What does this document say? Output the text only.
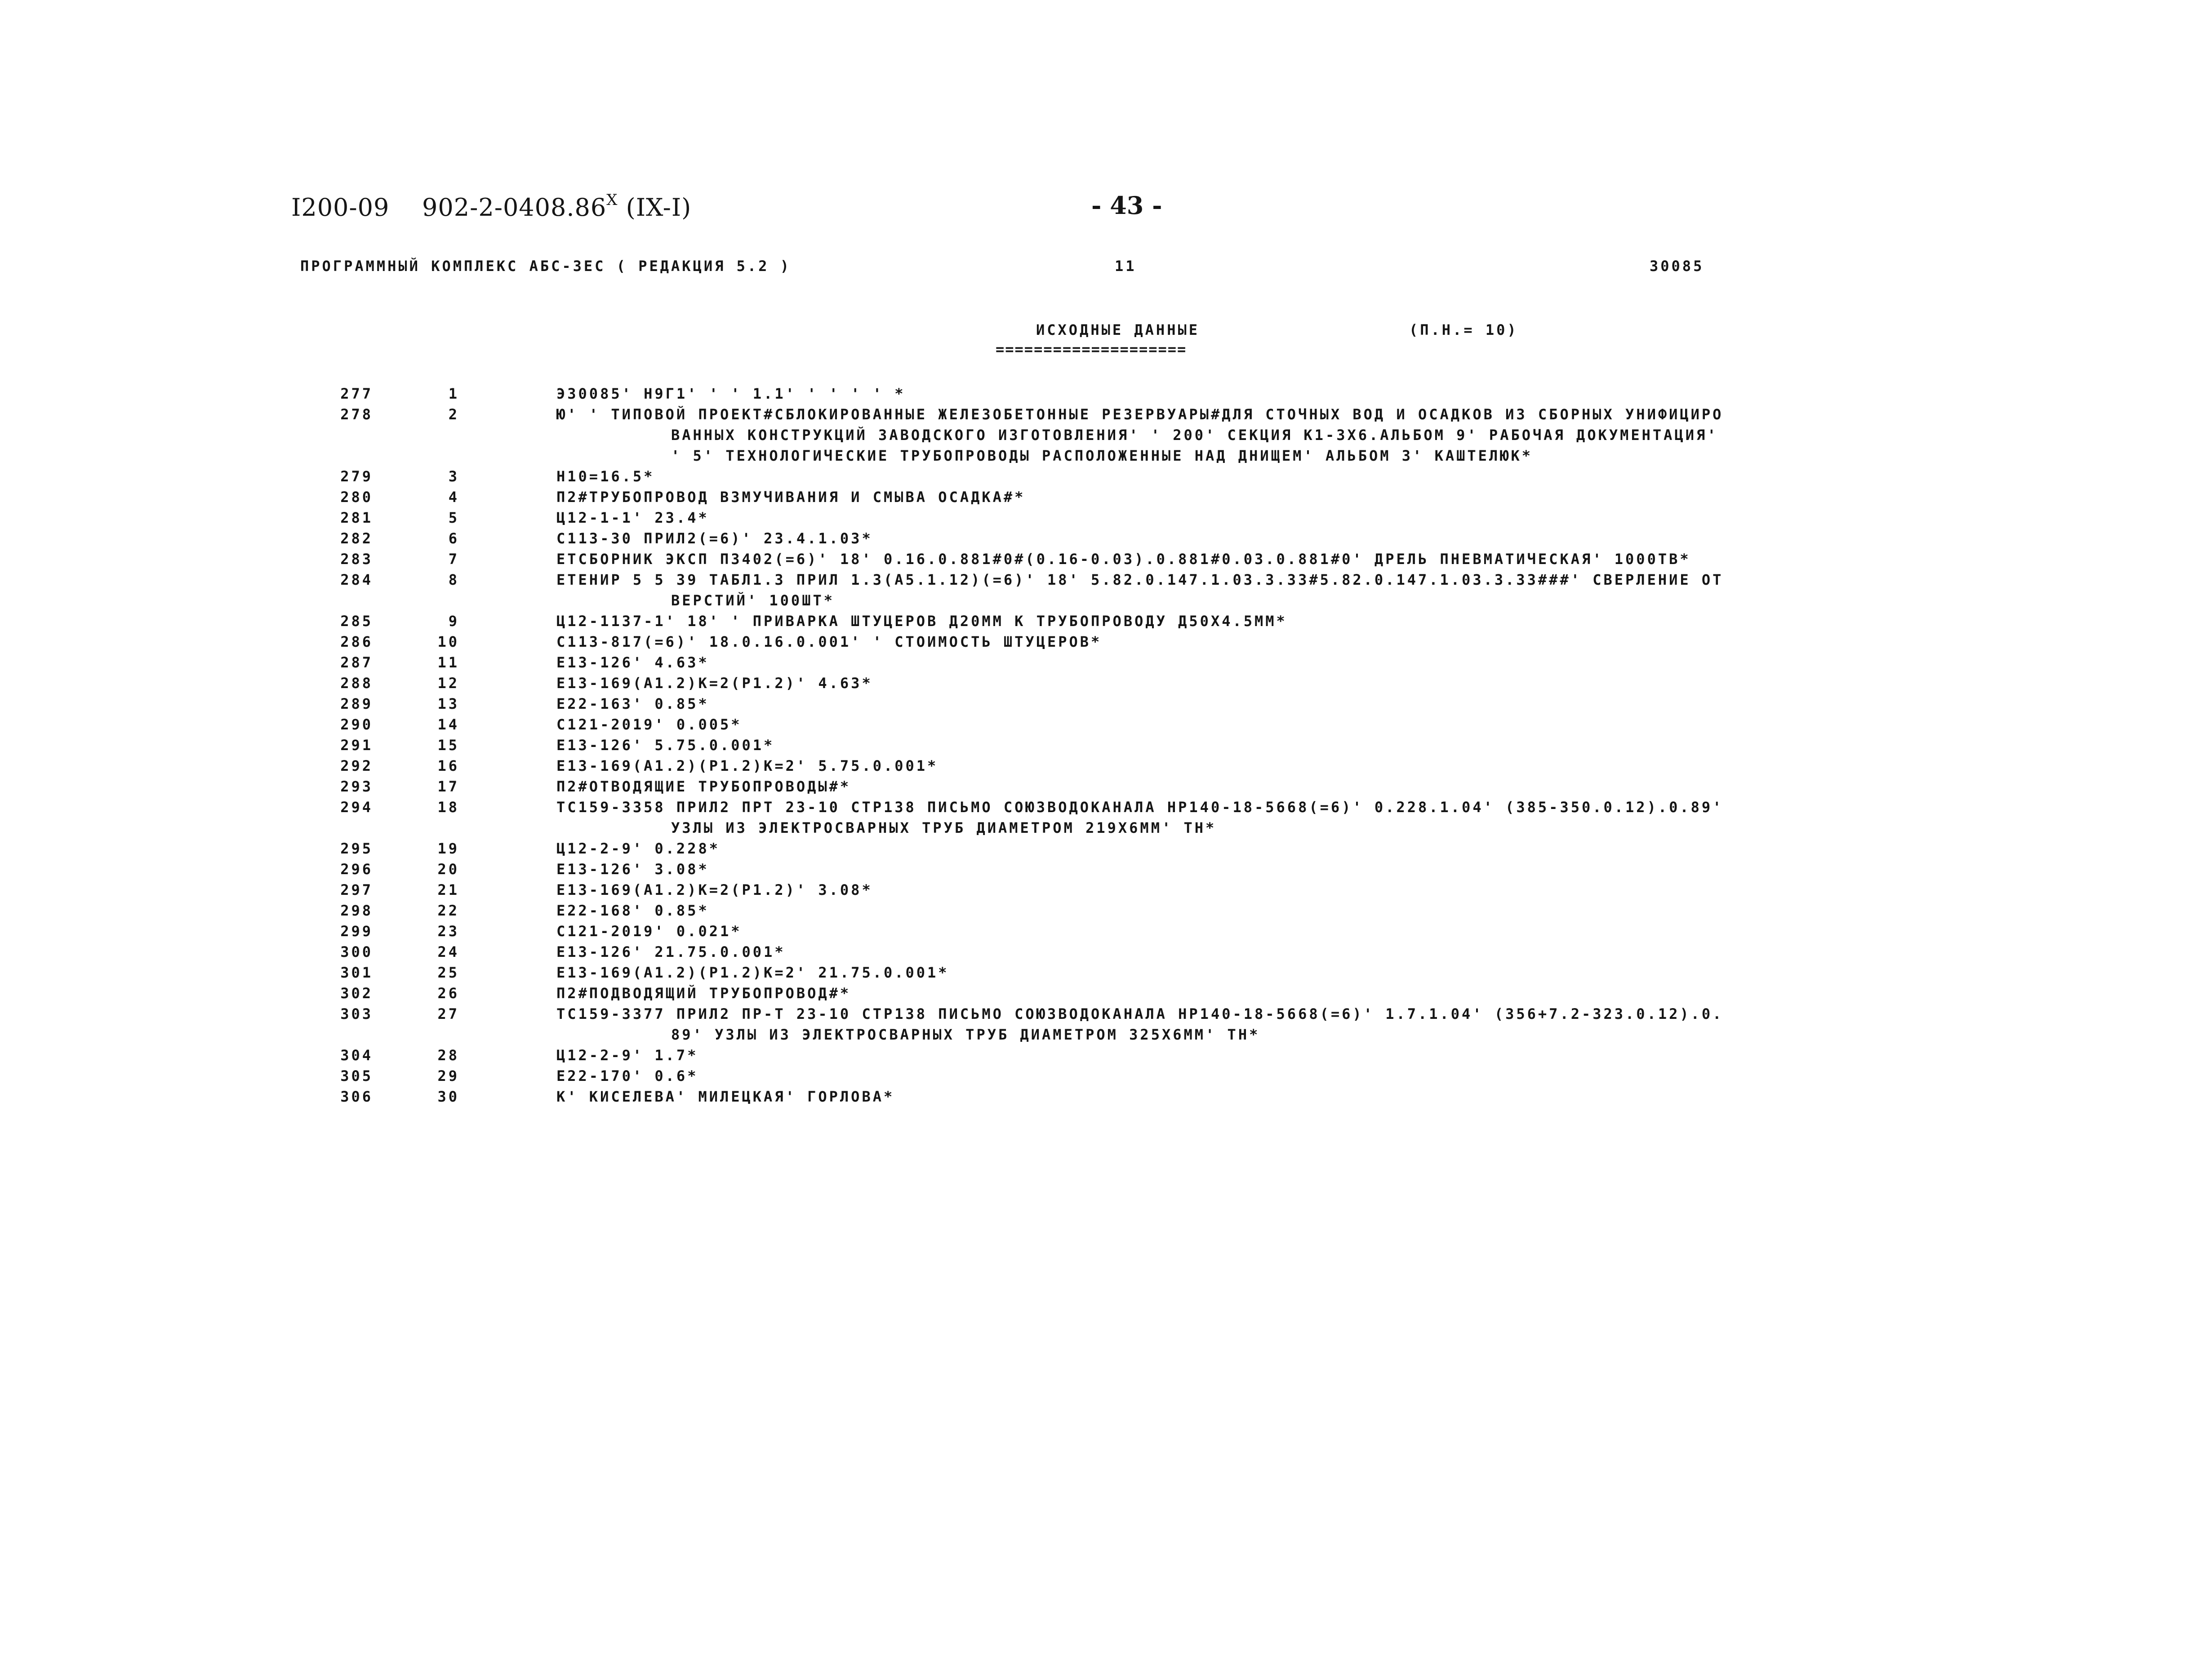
I200-09 $902-2-0408.86^X$ (IX-I)	- 43 -
ПРОГРАММНЫЙ КОМПЛЕКС АБС-3ЕС ( РЕДАКЦИЯ 5.2 )	11	30085
ИСХОДНЫЕ ДАННЫЕ
====================
(П.Н.= 10)
277	1	Э30085' Н9Г1' ' ' 1.1' ' ' ' ' *
278	2	Ю' ' ТИПОВОЙ ПРОЕКТ#СБЛОКИРОВАННЫЕ ЖЕЛЕЗОБЕТОННЫЕ РЕЗЕРВУАРЫ#ДЛЯ СТОЧНЫХ ВОД И ОСАДКОВ ИЗ СБОРНЫХ УНИФИЦИРО
ВАННЫХ КОНСТРУКЦИЙ ЗАВОДСКОГО ИЗГОТОВЛЕНИЯ' ' 200' СЕКЦИЯ К1-3Х6.АЛЬБОМ 9' РАБОЧАЯ ДОКУМЕНТАЦИЯ'
' 5' ТЕХНОЛОГИЧЕСКИЕ ТРУБОПРОВОДЫ РАСПОЛОЖЕННЫЕ НАД ДНИЩЕМ' АЛЬБОМ 3' КАШТЕЛЮК*
279	3	Н10=16.5*
280	4	П2#ТРУБОПРОВОД ВЗМУЧИВАНИЯ И СМЫВА ОСАДКА#*
281	5	Ц12-1-1' 23.4*
282	6	С113-30 ПРИЛ2(=6)' 23.4.1.03*
283	7	ЕТСБОРНИК ЭКСП П3402(=6)' 18' 0.16.0.881#0#(0.16-0.03).0.881#0.03.0.881#0' ДРЕЛЬ ПНЕВМАТИЧЕСКАЯ' 1000ТВ*
284	8	ЕТЕНИР 5 5 39 ТАБЛ1.3 ПРИЛ 1.3(А5.1.12)(=6)' 18' 5.82.0.147.1.03.3.33#5.82.0.147.1.03.3.33###' СВЕРЛЕНИЕ ОТ
ВЕРСТИЙ' 100ШТ*
285	9	Ц12-1137-1' 18' ' ПРИВАРКА ШТУЦЕРОВ Д20ММ К ТРУБОПРОВОДУ Д50Х4.5ММ*
286	10	С113-817(=6)' 18.0.16.0.001' ' СТОИМОСТЬ ШТУЦЕРОВ*
287	11	Е13-126' 4.63*
288	12	Е13-169(А1.2)К=2(Р1.2)' 4.63*
289	13	Е22-163' 0.85*
290	14	С121-2019' 0.005*
291	15	Е13-126' 5.75.0.001*
292	16	Е13-169(А1.2)(Р1.2)К=2' 5.75.0.001*
293	17	П2#ОТВОДЯЩИЕ ТРУБОПРОВОДЫ#*
294	18	ТС159-3358 ПРИЛ2 ПРТ 23-10 СТР138 ПИСЬМО СОЮЗВОДОКАНАЛА НР140-18-5668(=6)' 0.228.1.04' (385-350.0.12).0.89'
УЗЛЫ ИЗ ЭЛЕКТРОСВАРНЫХ ТРУБ ДИАМЕТРОМ 219Х6ММ' ТН*
295	19	Ц12-2-9' 0.228*
296	20	Е13-126' 3.08*
297	21	Е13-169(А1.2)К=2(Р1.2)' 3.08*
298	22	Е22-168' 0.85*
299	23	С121-2019' 0.021*
300	24	Е13-126' 21.75.0.001*
301	25	Е13-169(А1.2)(Р1.2)К=2' 21.75.0.001*
302	26	П2#ПОДВОДЯЩИЙ ТРУБОПРОВОД#*
303	27	ТС159-3377 ПРИЛ2 ПР-Т 23-10 СТР138 ПИСЬМО СОЮЗВОДОКАНАЛА НР140-18-5668(=6)' 1.7.1.04' (356+7.2-323.0.12).0.
89' УЗЛЫ ИЗ ЭЛЕКТРОСВАРНЫХ ТРУБ ДИАМЕТРОМ 325Х6ММ' ТН*
304	28	Ц12-2-9' 1.7*
305	29	Е22-170' 0.6*
306	30	К' КИСЕЛЕВА' МИЛЕЦКАЯ' ГОРЛОВА*
